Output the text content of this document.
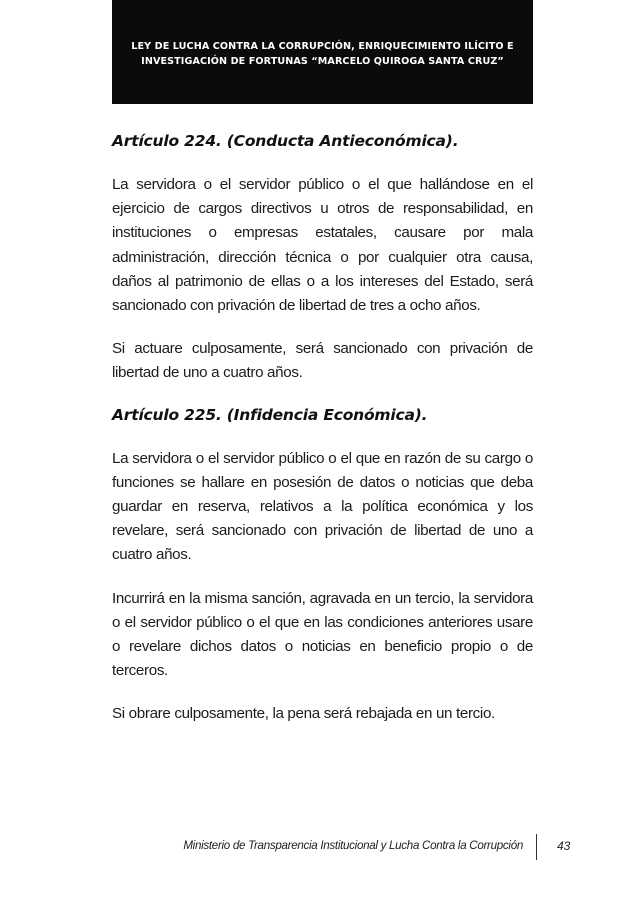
LEY DE LUCHA CONTRA LA CORRUPCIÓN, ENRIQUECIMIENTO ILÍCITO E
INVESTIGACIÓN DE FORTUNAS “MARCELO QUIROGA SANTA CRUZ”
Artículo 224. (Conducta Antieconómica).

La servidora o el servidor público o el que hallándose en el ejercicio de cargos directivos u otros de responsabilidad, en instituciones o empresas estatales, causare por mala administración, dirección técnica o por cualquier otra causa, daños al patrimonio de ellas o a los intereses del Estado, será sancionado con privación de libertad de tres a ocho años.

Si actuare culposamente, será sancionado con privación de libertad de uno a cuatro años.

Artículo 225. (Infidencia Económica).

La servidora o el servidor público o el que en razón de su cargo o funciones se hallare en posesión de datos o noticias que deba guardar en reserva, relativos a la política económica y los revelare, será sancionado con privación de libertad de uno a cuatro años.

Incurrirá en la misma sanción, agravada en un tercio, la servidora o el servidor público o el que en las condiciones anteriores usare o revelare dichos datos o noticias en beneficio propio o de terceros.

Si obrare culposamente, la pena será rebajada en un tercio.

Ministerio de Transparencia Institucional y Lucha Contra la Corrupción	43
